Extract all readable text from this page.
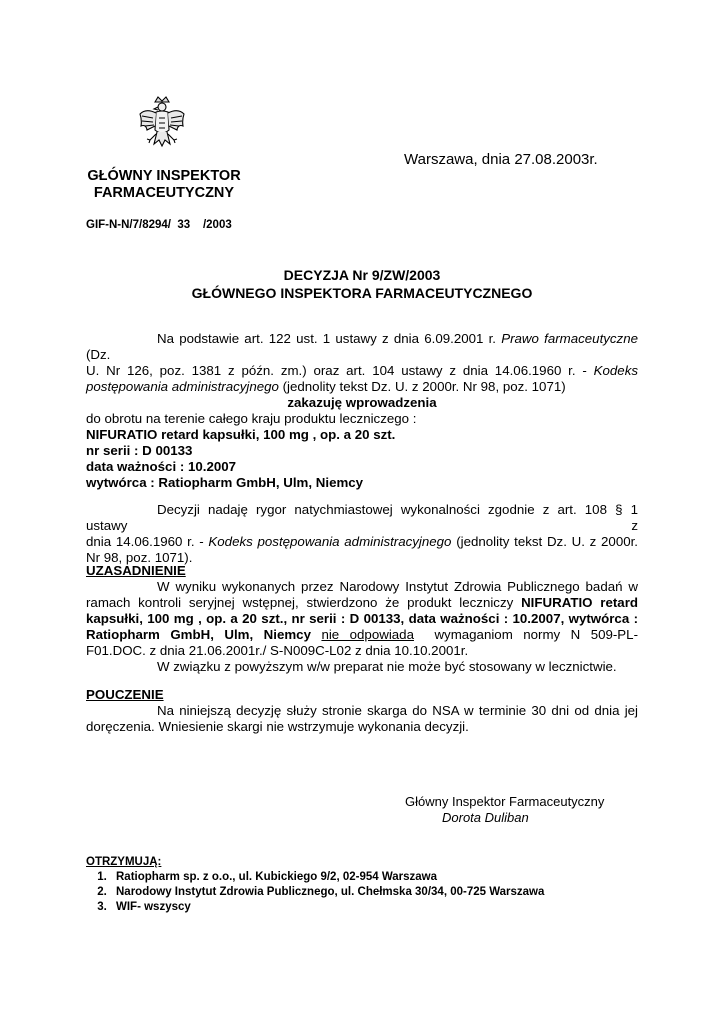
Warszawa, dnia 27.08.2003r.
GŁÓWNY INSPEKTOR
FARMACEUTYCZNY
GIF-N-N/7/8294/  33    /2003
DECYZJA Nr 9/ZW/2003
GŁÓWNEGO INSPEKTORA FARMACEUTYCZNEGO
Na podstawie art. 122 ust. 1 ustawy z dnia 6.09.2001 r. Prawo farmaceutyczne (Dz.
U. Nr 126, poz. 1381 z późn. zm.) oraz art. 104 ustawy z dnia 14.06.1960 r. - Kodeks
postępowania administracyjnego (jednolity tekst Dz. U. z 2000r. Nr 98, poz. 1071)
zakazuję wprowadzenia
do obrotu na terenie całego kraju produktu leczniczego :
NIFURATIO retard kapsułki, 100 mg , op. a 20 szt.
nr serii : D 00133
data ważności : 10.2007
wytwórca : Ratiopharm GmbH, Ulm, Niemcy
Decyzji nadaję rygor natychmiastowej wykonalności zgodnie z art. 108 § 1 ustawy z
dnia 14.06.1960 r. - Kodeks postępowania administracyjnego (jednolity tekst Dz. U. z 2000r.
Nr 98, poz. 1071).
UZASADNIENIE
W wyniku wykonanych przez Narodowy Instytut Zdrowia Publicznego badań w
ramach kontroli seryjnej wstępnej, stwierdzono że produkt leczniczy NIFURATIO retard
kapsułki, 100 mg , op. a 20 szt., nr serii : D 00133, data ważności : 10.2007, wytwórca :
Ratiopharm GmbH, Ulm, Niemcy nie odpowiada wymaganiom normy N 509-PL-
F01.DOC. z dnia 21.06.2001r./ S-N009C-L02 z dnia 10.10.2001r.
W związku z powyższym w/w preparat nie może być stosowany w lecznictwie.
POUCZENIE
Na niniejszą decyzję służy stronie skarga do NSA w terminie 30 dni od dnia jej
doręczenia. Wniesienie skargi nie wstrzymuje wykonania decyzji.
Główny Inspektor Farmaceutyczny
Dorota Duliban
OTRZYMUJĄ:
1. Ratiopharm sp. z o.o., ul. Kubickiego 9/2, 02-954 Warszawa
2. Narodowy Instytut Zdrowia Publicznego, ul. Chełmska 30/34, 00-725 Warszawa
3. WIF- wszyscy
